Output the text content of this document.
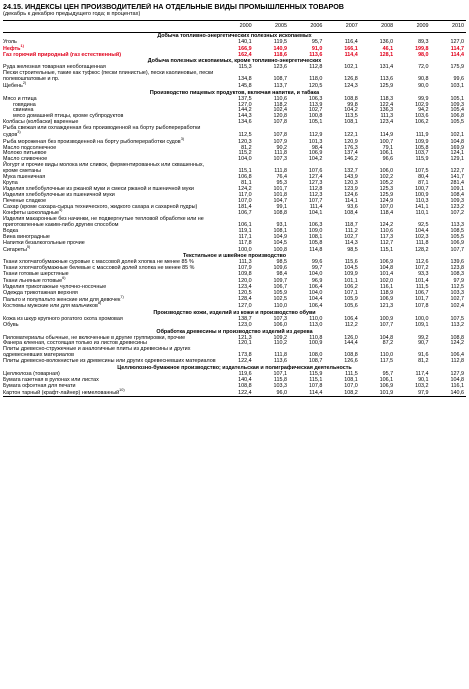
24.15. ИНДЕКСЫ ЦЕН ПРОИЗВОДИТЕЛЕЙ НА ОТДЕЛЬНЫЕ ВИДЫ ПРОМЫШЛЕННЫХ ТОВАРОВ
(декабрь к декабрю предыдущего года; в процентах)
	2000	2005	2006	2007	2008	2009	2010
Добыча топливно-энергетических полезных ископаемых							
Уголь	140,1	119,5	95,7	116,4	136,0	89,3	127,0
Нефть$^{1)}$	166,9	140,9	91,0	166,1	46,1	199,8	114,7
Газ горючий природный (газ естественный)	162,4	118,6	113,6	114,4	128,1	98,0	114,4
Добыча полезных ископаемых, кроме топливно-энергетических							
Руда железная товарная необогащенная	115,3	123,6	112,8	102,1	131,4	72,0	175,9
Пески строительные, такие как туфкос (пески плинистые), пески каолиновые, пески полевошпатовые и пр.	134,8	108,7	118,0	126,8	113,6	90,8	99,6
Щебень$^{2)}$	145,8	113,7	120,5	124,3	125,9	90,0	103,1
Производство пищевых продуктов, включая напитки, и табака							
Мясо и птица	137,5	110,6	106,3	108,8	118,3	99,9	105,1
говядина	127,0	118,2	113,9	99,8	122,4	102,9	109,3
свинина	144,2	102,4	102,7	104,2	136,3	94,2	105,4
мясо домашней птицы, кроме субпродуктов	144,3	120,8	100,8	113,5	111,3	103,6	106,8
Колбасы (колбаски) варенные	134,6	107,8	105,1	108,1	123,4	106,2	105,5
Рыба свежая или охлажденная без производенной на борту рыбопереработки судов$^{3)}$	112,5	107,8	112,9	122,1	114,9	111,9	102,1
Рыба мороженая без производенной на борту рыбопереработки судов$^{3)}$	120,3	107,9	101,3	120,9	100,7	109,9	104,8
Масло подсолнечное	81,2	90,2	98,4	176,3	79,1	105,8	169,9
Молоко питьевое	115,2	111,8	106,9	137,4	106,1	103,7	124,1
Масло сливочное	104,0	107,3	104,2	146,2	96,6	115,9	129,1
Йогурт и прочие виды молока или сливок, ферментированных или сквашенных, кроме сметаны	115,1	111,8	107,6	132,7	106,0	107,5	122,7
Мука пшеничная	106,8	76,4	127,4	143,9	102,2	80,4	141,7
Крупа	81,1	95,3	127,3	120,3	105,2	87,1	281,4
Изделия хлебобулочные из ржаной муки и смеси ржаной и пшеничной муки	124,2	101,7	112,8	123,9	125,3	100,7	109,1
Изделия хлебобулочные из пшеничной муки	117,0	101,8	112,3	124,6	125,9	100,9	108,4
Печенье сладкое	107,0	104,7	107,7	114,1	124,9	110,3	109,3
Сахар (кроме сахара-сырца технического, жидкого сахара и сахарной пудры)	181,4	99,1	111,4	93,6	107,0	141,1	123,2
Конфеты шоколадные$^{4)}$	106,7	108,8	104,1	108,4	118,4	110,1	107,2
Изделия макаронные без начинки, не подвергнутые тепловой обработке или не приготовленные каким-либо другим способом	106,1	93,1	106,3	118,7	124,2	92,5	113,3
Водка	119,1	108,1	109,0	111,2	110,6	104,4	108,5
Вина виноградные	117,1	104,9	108,1	102,7	117,3	102,3	105,5
Напитки безалкогольные прочие	117,8	104,5	105,8	114,3	112,7	111,8	106,9
Сигареты$^{5)}$	100,0	100,8	114,8	98,5	115,1	128,2	107,7
Текстильное и швейное производство							
Ткани хлопчатобумажные суровые с массовой долей хлопка не менее 85 %	111,3	98,5	99,6	115,6	106,9	112,6	139,6
Ткани хлопчатобумажные белевые с массовой долей хлопка не менее 85 %	107,9	109,6	99,7	104,5	104,8	107,2	123,8
Ткани готовые шерстяные	109,8	98,4	104,0	109,9	101,4	93,3	108,3
Ткани льняные готовые$^{6)}$	120,0	109,7	96,9	101,1	102,0	101,4	97,9
Изделия трикотажные чулочно-носочные	123,4	106,7	106,4	106,2	116,1	111,5	112,5
Одежда трикотажная верхняя	120,5	105,9	104,0	107,1	118,9	106,7	103,3
Пальто и полупальто женские или для девочек$^{7)}$	128,4	102,5	104,4	105,9	106,9	101,7	102,7
Костюмы мужские или для мальчиков$^{8)}$	127,0	110,0	106,4	105,6	121,3	107,8	102,4
Производство кожи, изделий из кожи и производство обуви							
Кожа из шкур крупного рогатого скота хромовая	138,7	107,3	110,0	106,4	100,9	100,0	107,5
Обувь	123,0	106,0	113,0	112,2	107,7	109,1	113,2
Обработка древесины и производство изделий из дерева							
Пиломатериалы обычные, не включенные в другие группировки, прочие	121,3	109,2	110,8	126,0	104,8	99,2	108,8
Фанера клееная, состоящая только из листов древесины	120,1	110,2	100,9	144,4	87,2	90,7	124,2
Плиты древесно-стружечные и аналогичные плиты из древесины и других одревесневших материалов	173,8	111,8	108,0	108,8	110,0	91,6	106,4
Плиты древесно-волокнистые из древесины или других одревесневших материалов	122,4	113,6	108,7	126,6	117,5	81,2	112,8
Целлюлозно-бумажное производство; издательская и полиграфическая деятельность							
Целлюлоза (товарная)	119,6	107,1	115,9	111,5	95,7	117,4	127,9
Бумага газетная в рулонах или листах	140,4	115,8	115,1	108,1	106,1	90,1	104,8
Бумага офсетная для печати	108,8	103,3	107,8	107,0	106,9	103,2	116,1
Картон тарный (крафт-лайнер) немелованный$^{10)}$	122,4	96,0	114,4	108,2	101,9	97,9	140,6
